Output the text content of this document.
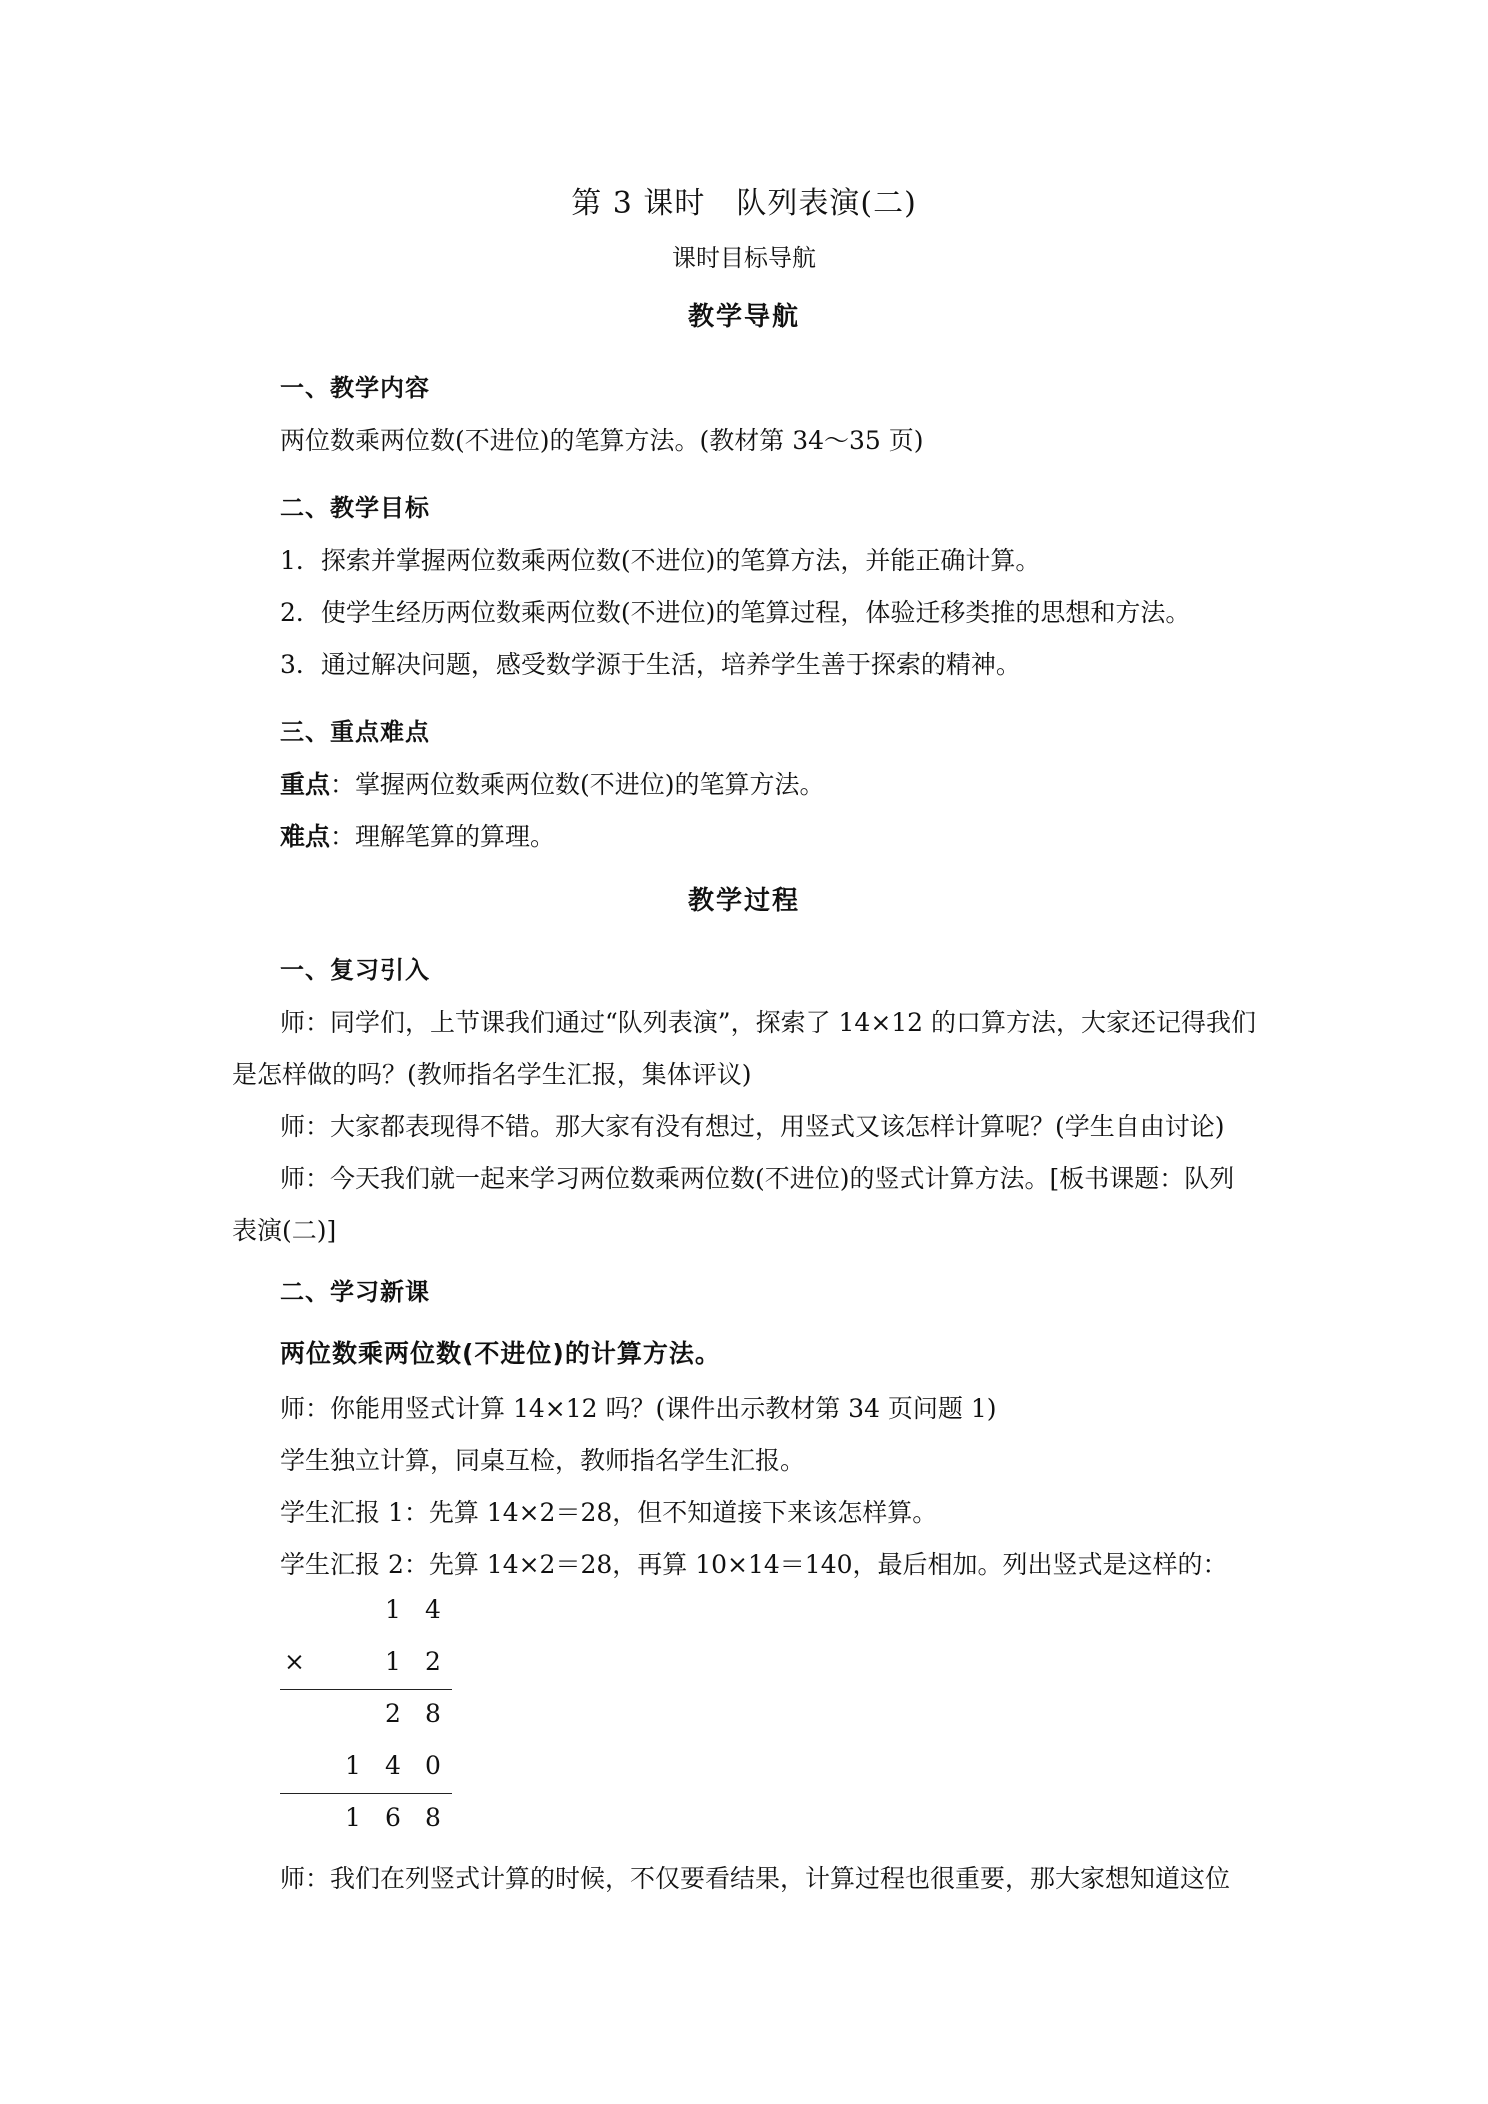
第 3 课时　队列表演(二)
课时目标导航
教学导航
一、教学内容
两位数乘两位数(不进位)的笔算方法。(教材第 34～35 页)
二、教学目标
1．探索并掌握两位数乘两位数(不进位)的笔算方法，并能正确计算。
2．使学生经历两位数乘两位数(不进位)的笔算过程，体验迁移类推的思想和方法。
3．通过解决问题，感受数学源于生活，培养学生善于探索的精神。
三、重点难点
重点：掌握两位数乘两位数(不进位)的笔算方法。
难点：理解笔算的算理。
教学过程
一、复习引入
师：同学们，上节课我们通过“队列表演”，探索了 14×12 的口算方法，大家还记得我们
是怎样做的吗？(教师指名学生汇报，集体评议)
师：大家都表现得不错。那大家有没有想过，用竖式又该怎样计算呢？(学生自由讨论)
师：今天我们就一起来学习两位数乘两位数(不进位)的竖式计算方法。[板书课题：队列
表演(二)]
二、学习新课
两位数乘两位数(不进位)的计算方法。
师：你能用竖式计算 14×12 吗？(课件出示教材第 34 页问题 1)
学生独立计算，同桌互检，教师指名学生汇报。
学生汇报 1：先算 14×2＝28，但不知道接下来该怎样算。
学生汇报 2：先算 14×2＝28，再算 10×14＝140，最后相加。列出竖式是这样的：
1 4
×	1 2
2 8
1 4 0
1 6 8
师：我们在列竖式计算的时候，不仅要看结果，计算过程也很重要，那大家想知道这位
